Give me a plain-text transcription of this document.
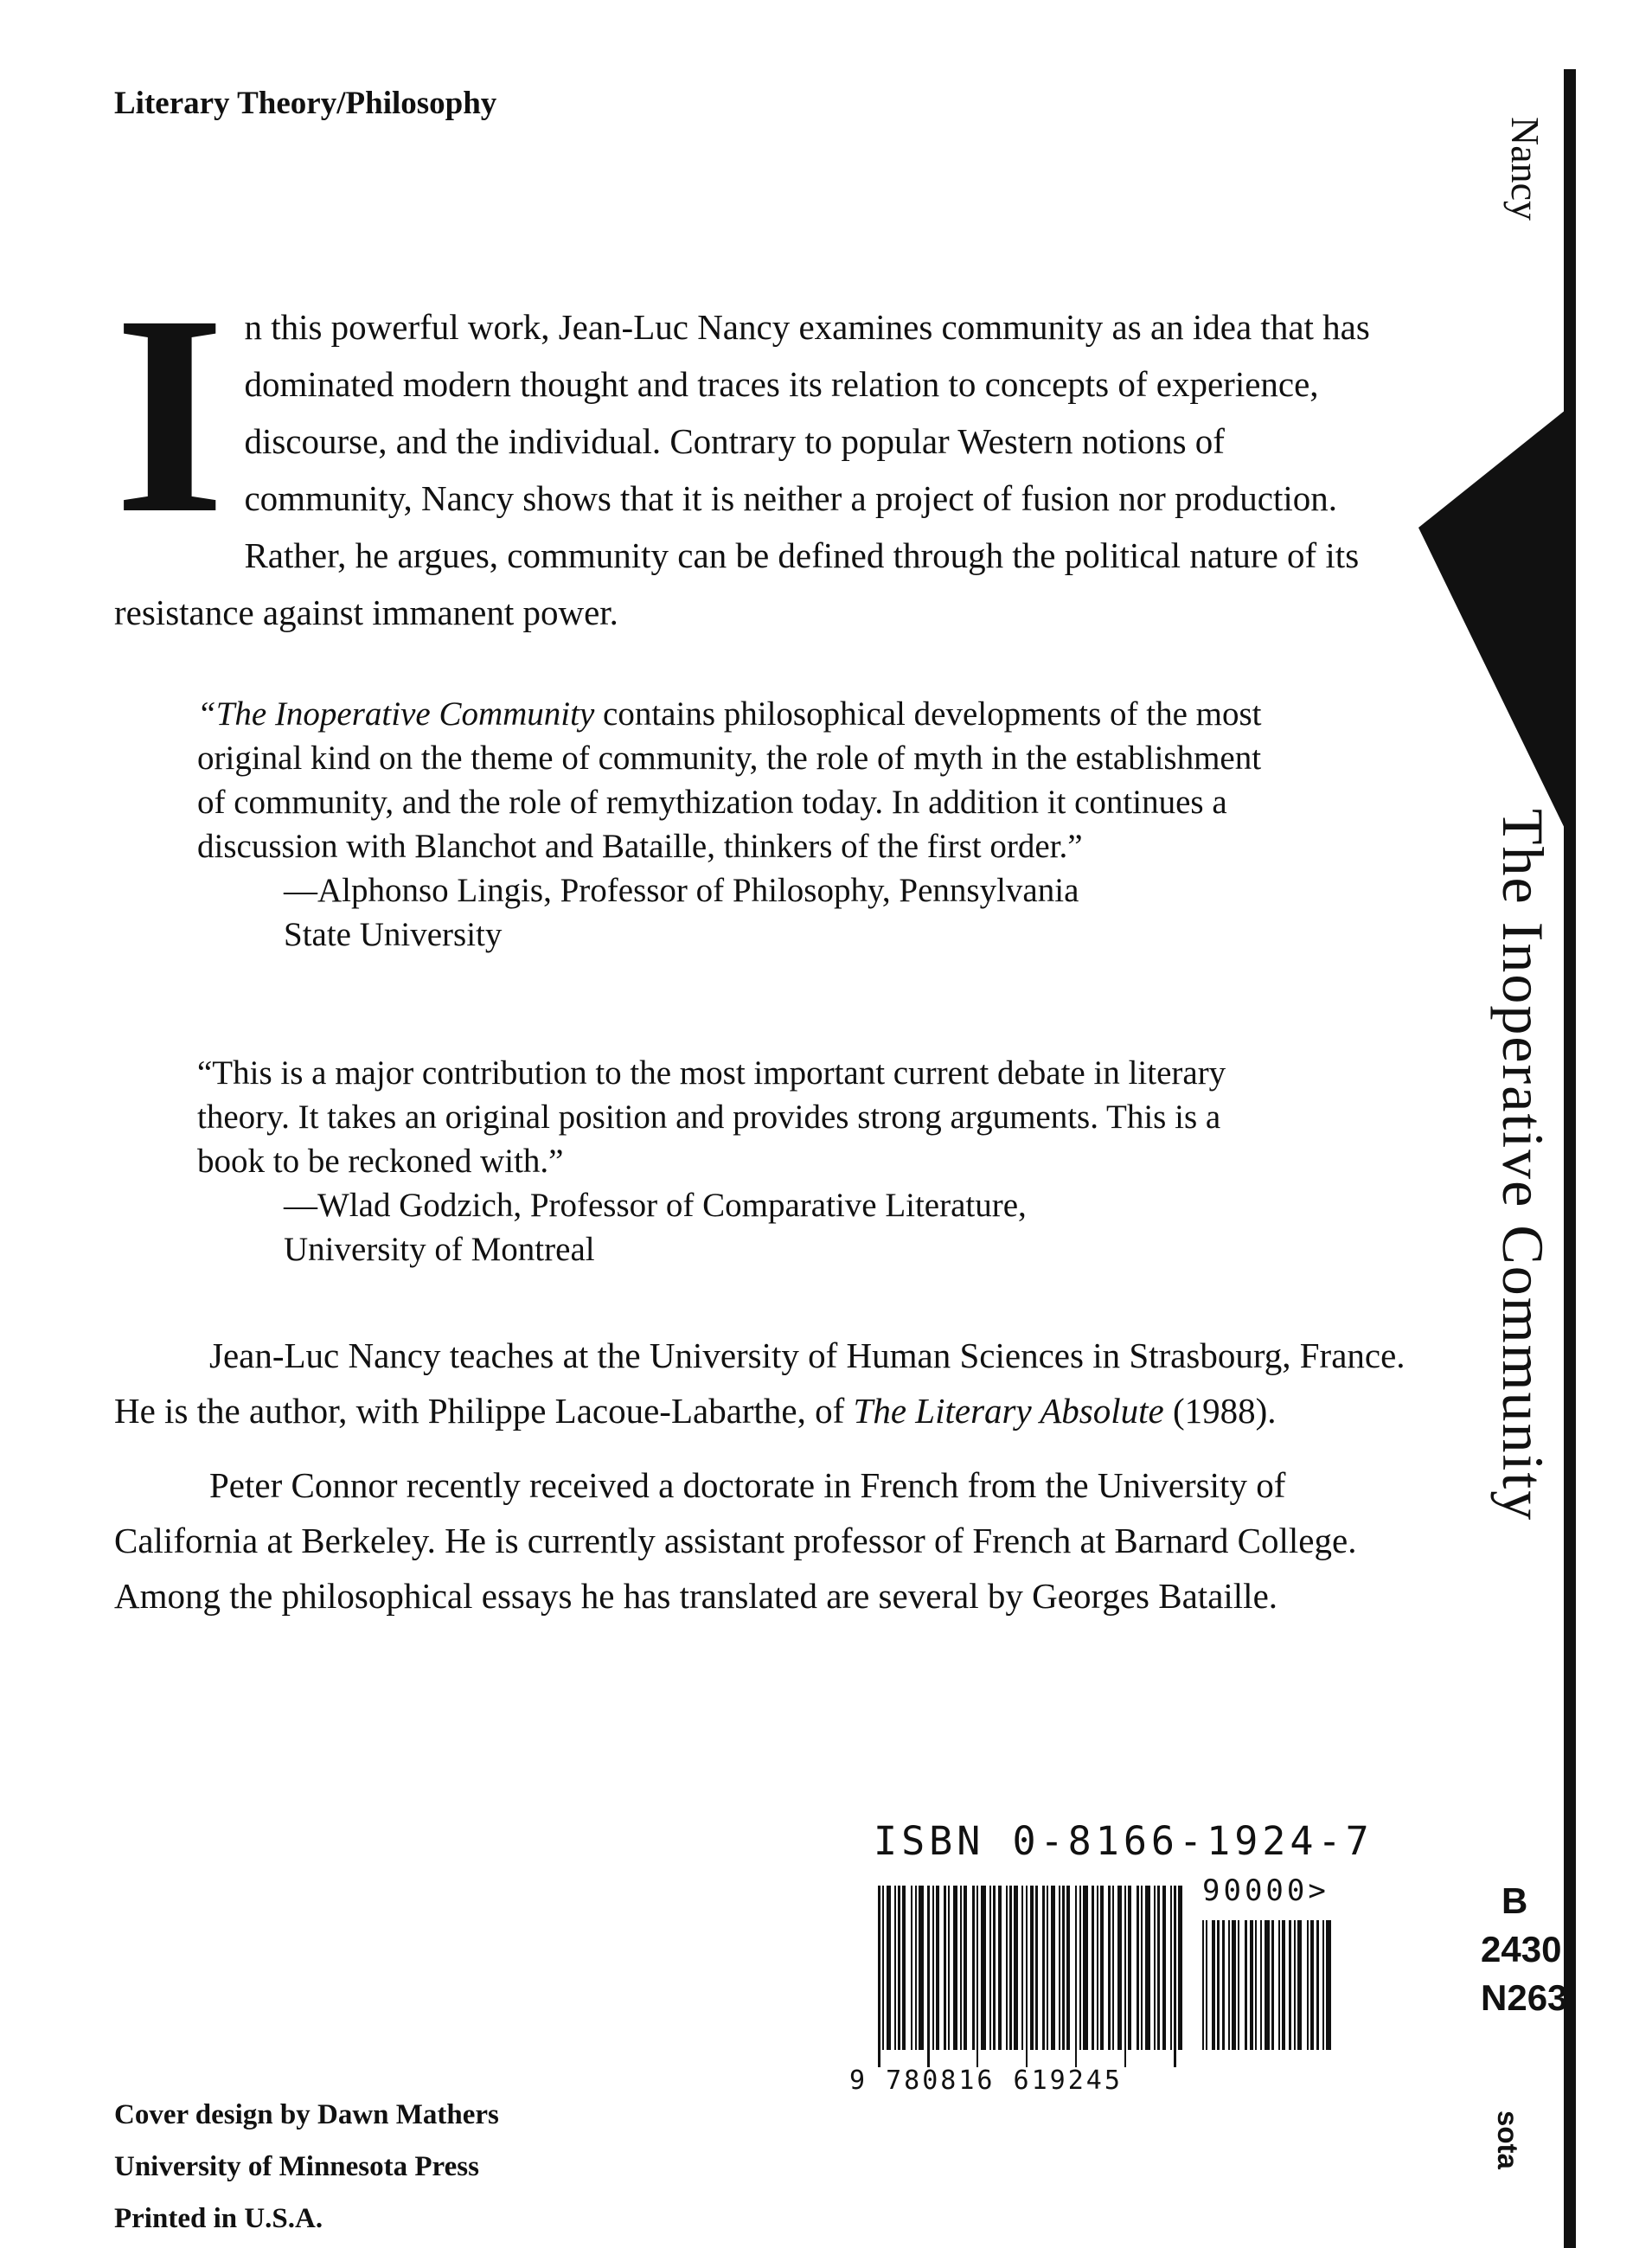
Literary Theory/Philosophy
I n this powerful work, Jean-Luc Nancy examines community as an idea that has dominated modern thought and traces its relation to concepts of experience, discourse, and the individual. Contrary to popular Western notions of community, Nancy shows that it is neither a project of fusion nor production. Rather, he argues, community can be defined through the political nature of its resistance against immanent power.

“The Inoperative Community contains philosophical developments of the most original kind on the theme of community, the role of myth in the establishment of community, and the role of remythization today. In addition it continues a discussion with Blanchot and Bataille, thinkers of the first order.”

—Alphonso Lingis, Professor of Philosophy, Pennsylvania
State University

“This is a major contribution to the most important current debate in literary theory. It takes an original position and provides strong arguments. This is a book to be reckoned with.”

—Wlad Godzich, Professor of Comparative Literature,
University of Montreal

Jean-Luc Nancy teaches at the University of Human Sciences in Strasbourg, France. He is the author, with Philippe Lacoue-Labarthe, of The Literary Absolute (1988).

Peter Connor recently received a doctorate in French from the University of California at Berkeley. He is currently assistant professor of French at Barnard College. Among the philosophical essays he has translated are several by Georges Bataille.

Cover design by Dawn Mathers
University of Minnesota Press
Printed in U.S.A.
ISBN 0-8166-1924-7
90000>
9 780816 619245
Nancy
The Inoperative Community
B
2430
N263
sota
